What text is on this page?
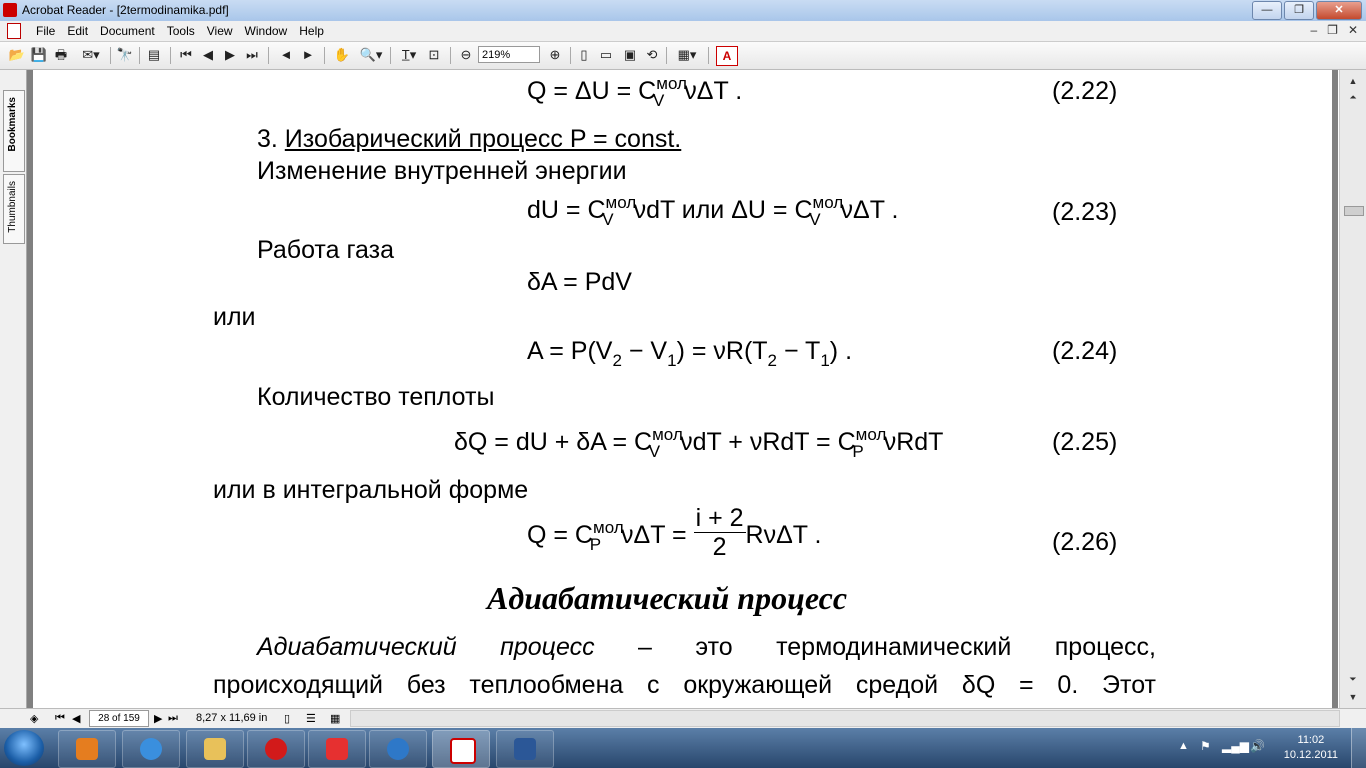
Acrobat Reader - [2termodinamika.pdf]	—	❐	✕
File	Edit	Document	Tools	View	Window	Help	– ❐ ✕
📂 💾 🖶	✉▾	🔭 ▤ ⏮ ◀ ▶ ⏭ ◄ ► ✋ 🔍▾	T̲▾ ⊡ ⊖	⊕	▯ ▭ ▣ ⟲	▦▾	A
219%
Bookmarks
Thumbnails
$Q = \Delta U = C^{мол}_V$ νΔT .	(2.22)
3. Изобарический процесс P = const.
Изменение внутренней энергии
dU = $C^{мол}_V$ νdT или $\Delta U = C^{мол}_V$ νΔT .	(2.23)
Работа газа
δA = PdV
или
$A = P(V_2 - V_1) = \nu R(T_2 - T_1)$ .	(2.24)
Количество теплоты
δQ = dU + $\delta A = C^{мол}_V$ $\nu dT + \nu RdT = C^{мол}_P$ νRdT	(2.25)
или в интегральной форме
$Q = C^{мол}_P$ $\nu\Delta T = \frac{i + 2}{2}$ RνΔT .	(2.26)
Адиабатический процесс
Адиабатический процесс – это термодинамический процесс,
происходящий без теплообмена с окружающей средой δQ = 0. Этот
▲
⏶
⏷
▼
◈ ⏮ ◀	▶ ⏭ 8,27 x 11,69 in ▯ ☰ ▦
28 of 159
▲ ⚑ ▂▄▆ 🔊	11:02
10.12.2011
